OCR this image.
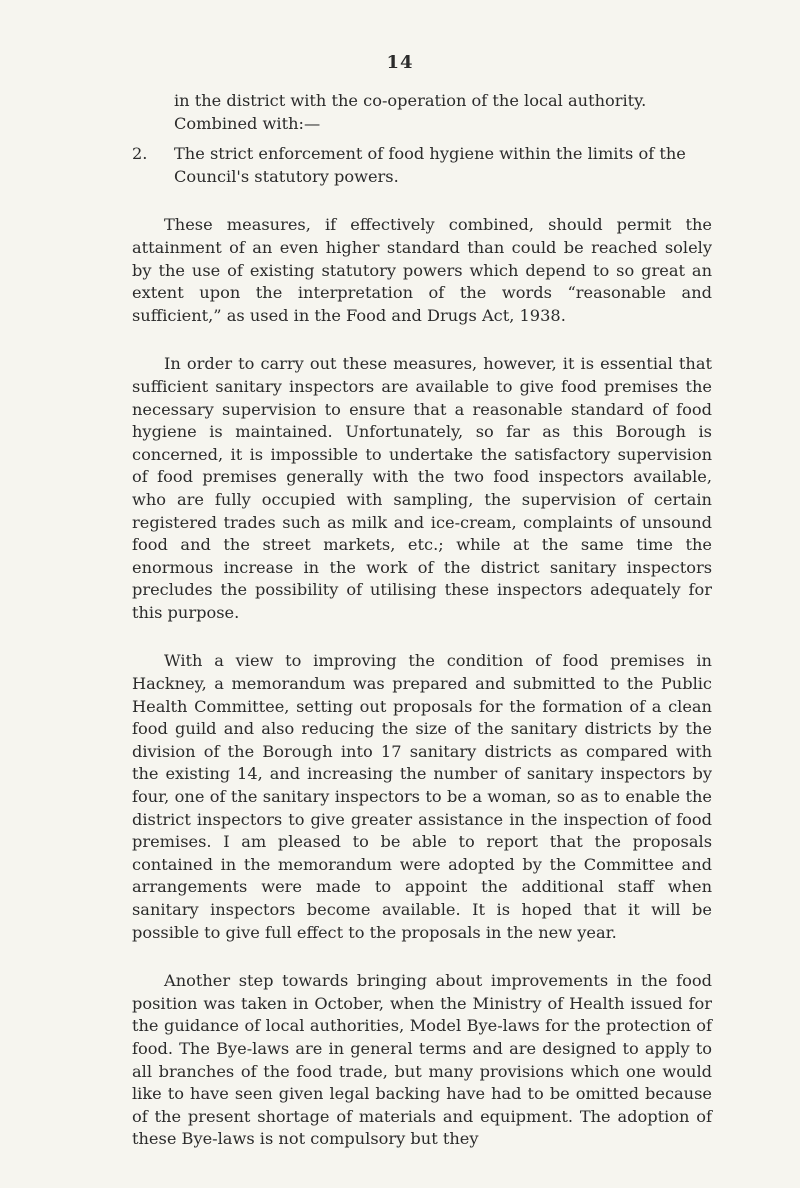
14

in the district with the co-operation of the local authority. Combined with:—

2.	The strict enforcement of food hygiene within the limits of the Council's statutory powers.

These measures, if effectively combined, should permit the attainment of an even higher standard than could be reached solely by the use of existing statutory powers which depend to so great an extent upon the interpretation of the words “reasonable and sufficient,” as used in the Food and Drugs Act, 1938.

In order to carry out these measures, however, it is essential that sufficient sanitary inspectors are available to give food premises the necessary supervision to ensure that a reasonable standard of food hygiene is maintained. Unfortunately, so far as this Borough is concerned, it is impossible to undertake the satisfactory supervision of food premises generally with the two food inspectors available, who are fully occupied with sampling, the supervision of certain registered trades such as milk and ice-cream, complaints of unsound food and the street markets, etc.; while at the same time the enormous increase in the work of the district sanitary inspectors precludes the possibility of utilising these inspectors adequately for this purpose.

With a view to improving the condition of food premises in Hackney, a memorandum was prepared and submitted to the Public Health Committee, setting out proposals for the formation of a clean food guild and also reducing the size of the sanitary districts by the division of the Borough into 17 sanitary districts as compared with the existing 14, and increasing the number of sanitary inspectors by four, one of the sanitary inspectors to be a woman, so as to enable the district inspectors to give greater assistance in the inspection of food premises. I am pleased to be able to report that the proposals contained in the memorandum were adopted by the Committee and arrangements were made to appoint the additional staff when sanitary inspectors become available. It is hoped that it will be possible to give full effect to the proposals in the new year.

Another step towards bringing about improvements in the food position was taken in October, when the Ministry of Health issued for the guidance of local authorities, Model Bye-laws for the protection of food. The Bye-laws are in general terms and are designed to apply to all branches of the food trade, but many provisions which one would like to have seen given legal backing have had to be omitted because of the present shortage of materials and equipment. The adoption of these Bye-laws is not compulsory but they
